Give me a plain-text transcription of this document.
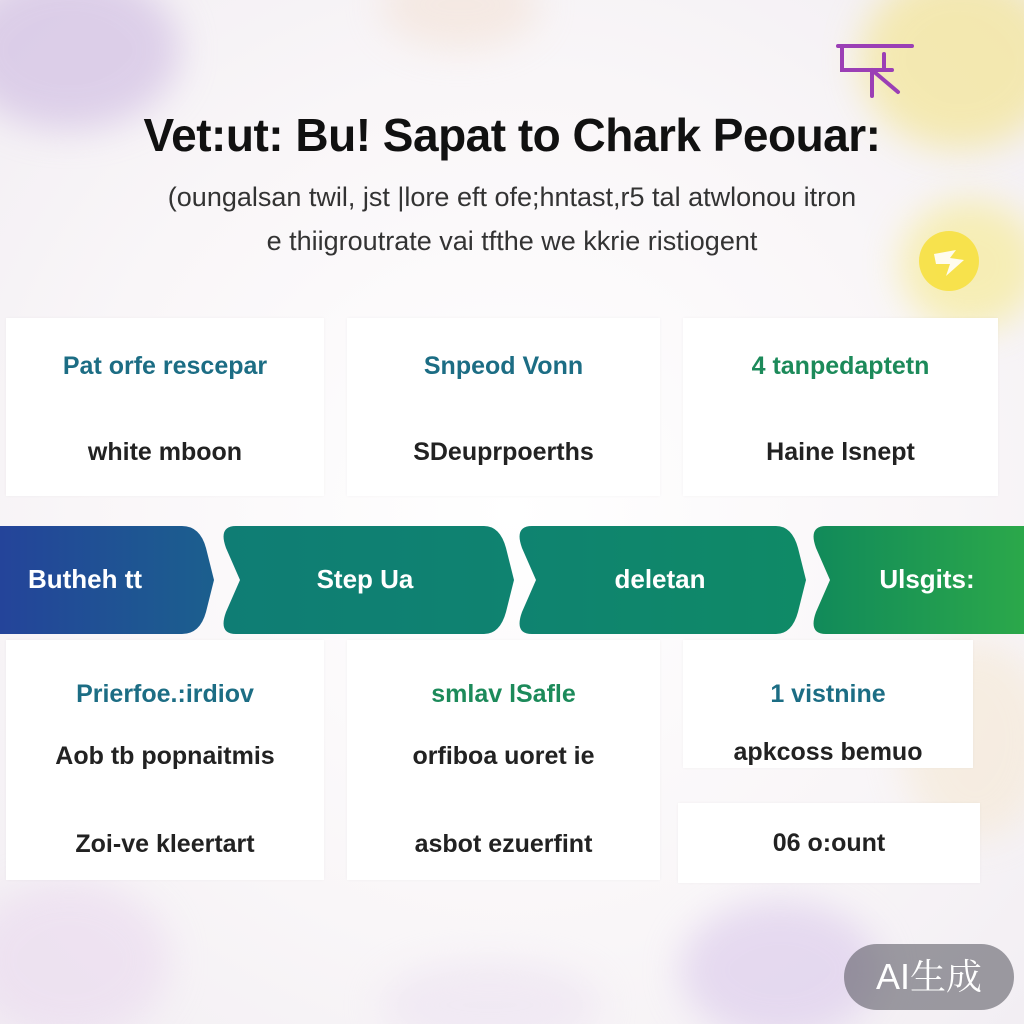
Vet:ut: Bu! Sapat to Chark Peouar:
(oungalsan twil, jst |lore eft ofe;hntast,r5 tal atwlonou itron
e thiigroutrate vai tfthe we kkrie ristiogent
Pat orfe rescepar
white mboon
Snpeod Vonn
SDeuprpoerths
4 tanpedaptetn
Haine lsnept
Butheh tt	Step Ua	deletan	Ulsgits:
Prierfoe.:irdiov
Aob tb popnaitmis
Zoi-ve kleertart
smlav lSafle
orfiboa uoret ie
asbot ezuerfint
1 vistnine
apkcoss bemuo
06 o:ount
AI生成
